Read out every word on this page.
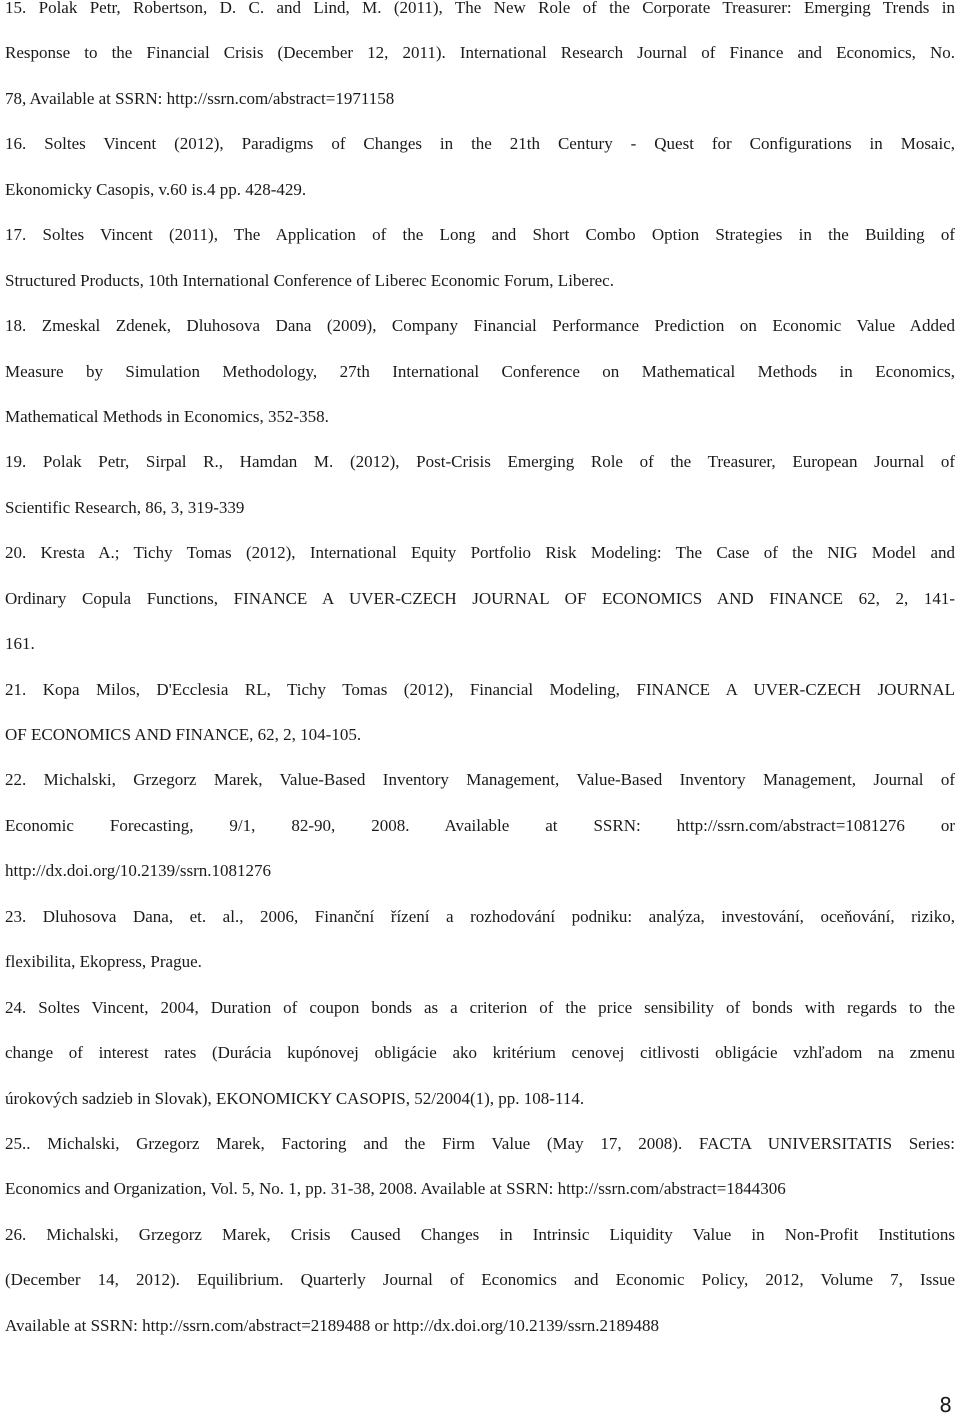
15. Polak Petr, Robertson, D. C. and Lind, M. (2011), The New Role of the Corporate Treasurer: Emerging Trends in
Response to the Financial Crisis (December 12, 2011). International Research Journal of Finance and Economics, No.
78, Available at SSRN: http://ssrn.com/abstract=1971158
16. Soltes Vincent (2012), Paradigms of Changes in the 21th Century - Quest for Configurations in Mosaic,
Ekonomicky Casopis, v.60 is.4 pp. 428-429.
17. Soltes Vincent (2011), The Application of the Long and Short Combo Option Strategies in the Building of
Structured Products, 10th International Conference of Liberec Economic Forum, Liberec.
18. Zmeskal Zdenek, Dluhosova Dana (2009), Company Financial Performance Prediction on Economic Value Added
Measure by Simulation Methodology, 27th International Conference on Mathematical Methods in Economics,
Mathematical Methods in Economics, 352-358.
19. Polak Petr, Sirpal R., Hamdan M. (2012), Post-Crisis Emerging Role of the Treasurer, European Journal of
Scientific Research, 86, 3, 319-339
20. Kresta A.; Tichy Tomas (2012), International Equity Portfolio Risk Modeling: The Case of the NIG Model and
Ordinary Copula Functions, FINANCE A UVER-CZECH JOURNAL OF ECONOMICS AND FINANCE 62, 2, 141-
161.
21. Kopa Milos, D'Ecclesia RL, Tichy Tomas (2012), Financial Modeling, FINANCE A UVER-CZECH JOURNAL
OF ECONOMICS AND FINANCE, 62, 2, 104-105.
22. Michalski, Grzegorz Marek, Value-Based Inventory Management, Value-Based Inventory Management, Journal of
Economic Forecasting, 9/1, 82-90, 2008. Available at SSRN: http://ssrn.com/abstract=1081276 or
http://dx.doi.org/10.2139/ssrn.1081276
23. Dluhosova Dana, et. al., 2006, Finanční řízení a rozhodování podniku: analýza, investování, oceňování, riziko,
flexibilita, Ekopress, Prague.
24. Soltes Vincent, 2004, Duration of coupon bonds as a criterion of the price sensibility of bonds with regards to the
change of interest rates (Durácia kupónovej obligácie ako kritérium cenovej citlivosti obligácie vzhľadom na zmenu
úrokových sadzieb in Slovak), EKONOMICKY CASOPIS, 52/2004(1), pp. 108-114.
25.. Michalski, Grzegorz Marek, Factoring and the Firm Value (May 17, 2008). FACTA UNIVERSITATIS Series:
Economics and Organization, Vol. 5, No. 1, pp. 31-38, 2008. Available at SSRN: http://ssrn.com/abstract=1844306
26. Michalski, Grzegorz Marek, Crisis Caused Changes in Intrinsic Liquidity Value in Non-Profit Institutions
(December 14, 2012). Equilibrium. Quarterly Journal of Economics and Economic Policy, 2012, Volume 7, Issue
Available at SSRN: http://ssrn.com/abstract=2189488 or http://dx.doi.org/10.2139/ssrn.2189488
8
